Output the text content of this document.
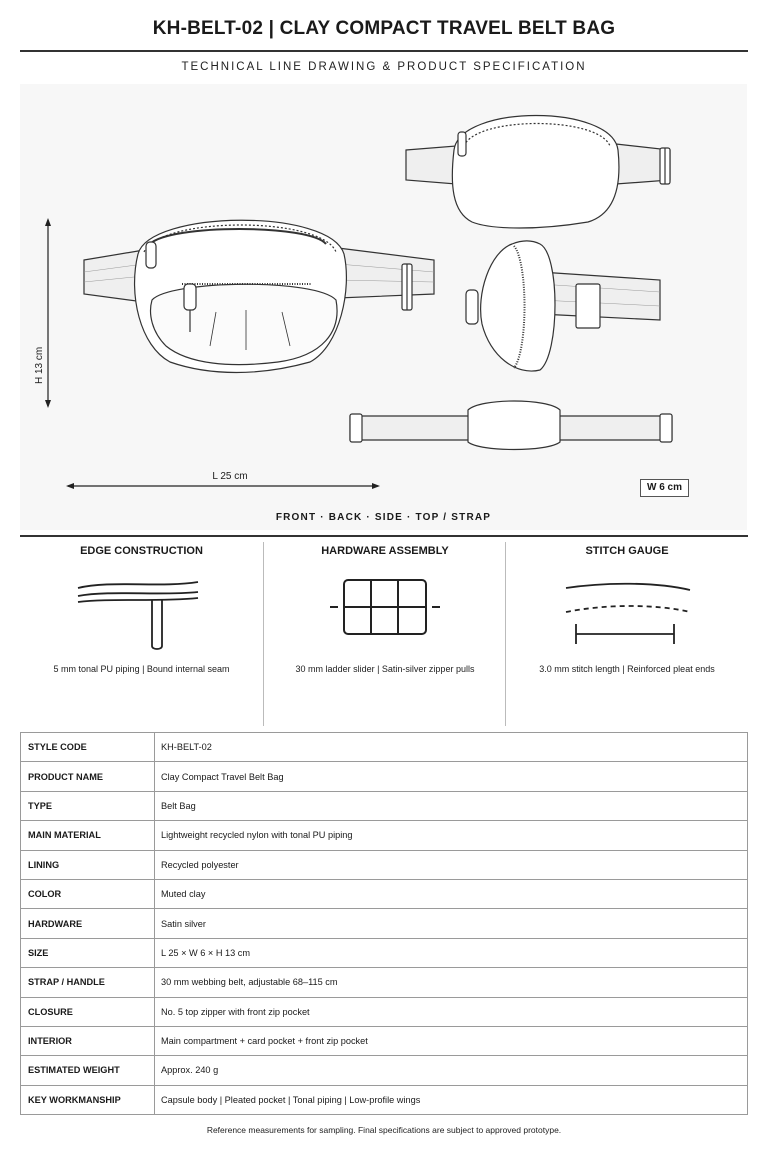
KH-BELT-02 | CLAY COMPACT TRAVEL BELT BAG
TECHNICAL LINE DRAWING & PRODUCT SPECIFICATION
H 13 cm
L 25 cm
W 6 cm
FRONT · BACK · SIDE · TOP / STRAP
EDGE CONSTRUCTION

5 mm tonal PU piping | Bound internal seam

HARDWARE ASSEMBLY

30 mm ladder slider | Satin-silver zipper pulls

STITCH GAUGE

3.0 mm stitch length | Reinforced pleat ends

STYLE CODE	KH-BELT-02
PRODUCT NAME	Clay Compact Travel Belt Bag
TYPE	Belt Bag
MAIN MATERIAL	Lightweight recycled nylon with tonal PU piping
LINING	Recycled polyester
COLOR	Muted clay
HARDWARE	Satin silver
SIZE	L 25 × W 6 × H 13 cm
STRAP / HANDLE	30 mm webbing belt, adjustable 68–115 cm
CLOSURE	No. 5 top zipper with front zip pocket
INTERIOR	Main compartment + card pocket + front zip pocket
ESTIMATED WEIGHT	Approx. 240 g
KEY WORKMANSHIP	Capsule body | Pleated pocket | Tonal piping | Low-profile wings
Reference measurements for sampling. Final specifications are subject to approved prototype.
